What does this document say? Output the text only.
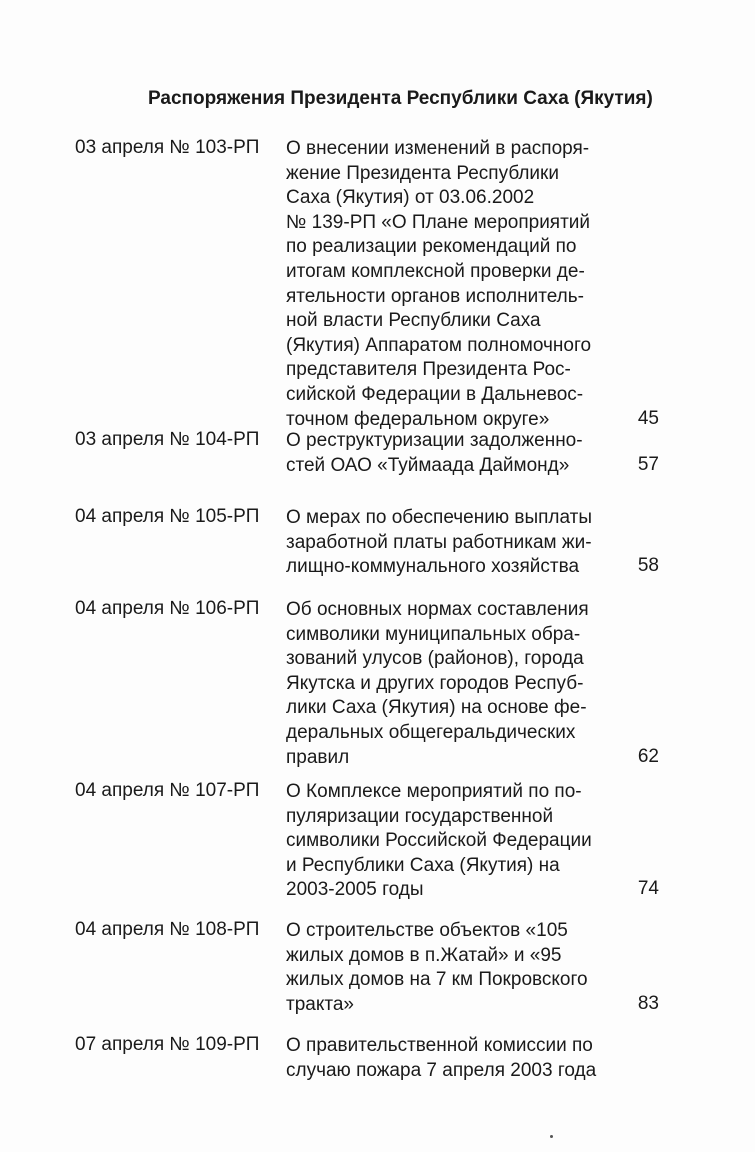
Распоряжения Президента Республики Саха (Якутия)
03 апреля № 103-РП О внесении изменений в распоря-
жение Президента Республики
Саха (Якутия) от 03.06.2002
№ 139-РП «О Плане мероприятий
по реализации рекомендаций по
итогам комплексной проверки де-
ятельности органов исполнитель-
ной власти Республики Саха
(Якутия) Аппаратом полномочного
представителя Президента Рос-
сийской Федерации в Дальневос-
точном федеральном округе»	45
03 апреля № 104-РП О реструктуризации задолженно-
стей ОАО «Туймаада Даймонд»	57
04 апреля № 105-РП О мерах по обеспечению выплаты
заработной платы работникам жи-
лищно-коммунального хозяйства	58
04 апреля № 106-РП Об основных нормах составления
символики муниципальных обра-
зований улусов (районов), города
Якутска и других городов Респуб-
лики Саха (Якутия) на основе фе-
деральных общегеральдических
правил	62
04 апреля № 107-РП О Комплексе мероприятий по по-
пуляризации государственной
символики Российской Федерации
и Республики Саха (Якутия) на
2003-2005 годы	74
04 апреля № 108-РП О строительстве объектов «105
жилых домов в п.Жатай» и «95
жилых домов на 7 км Покровского
тракта»	83
07 апреля № 109-РП О правительственной комиссии по
случаю пожара 7 апреля 2003 года
